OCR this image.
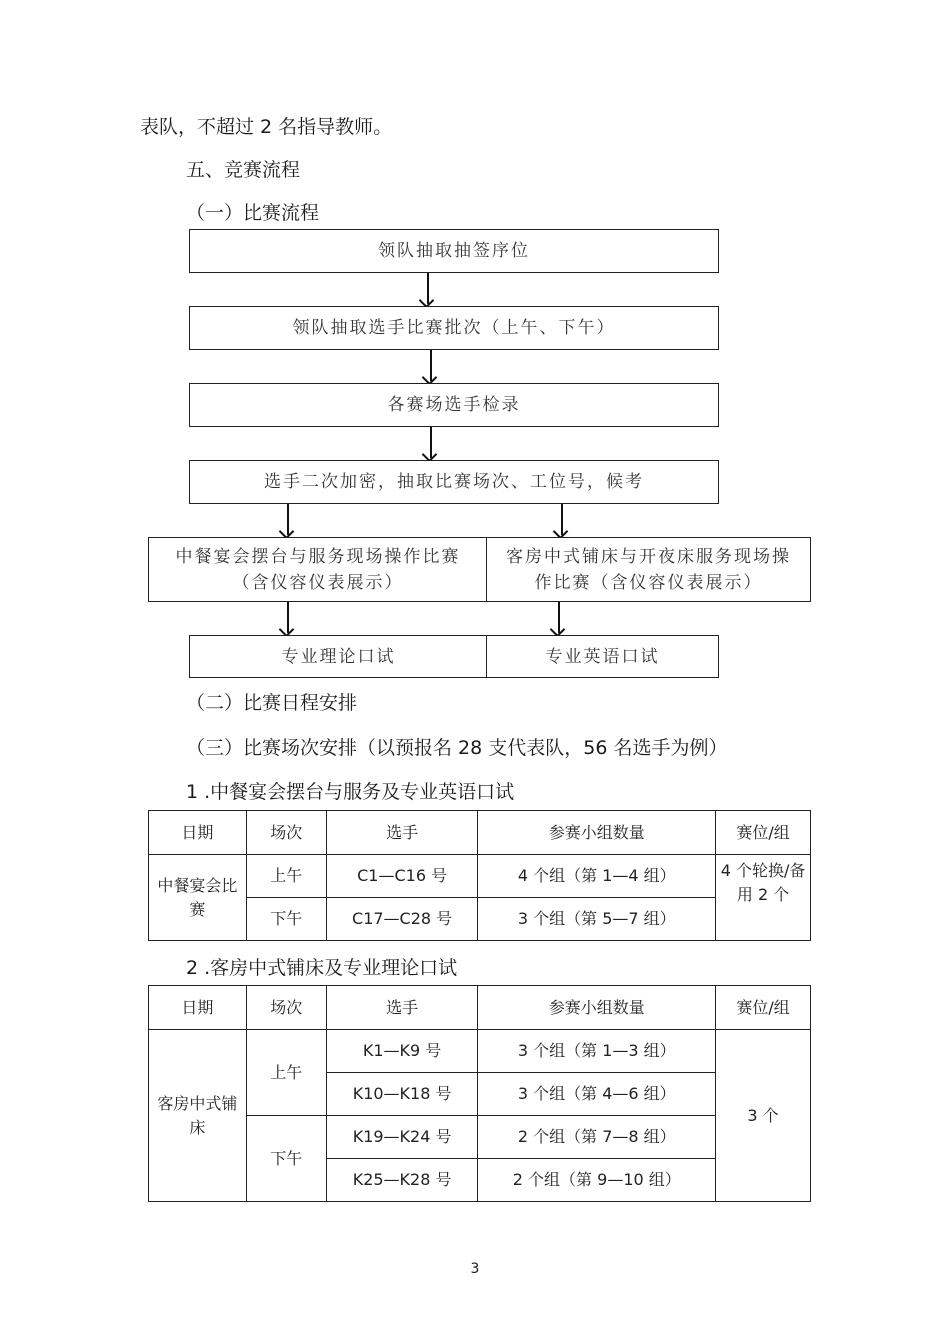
表队，不超过 2 名指导教师。
五、竞赛流程
（一）比赛流程
领队抽取抽签序位
领队抽取选手比赛批次（上午、下午）
各赛场选手检录
选手二次加密，抽取比赛场次、工位号，候考
中餐宴会摆台与服务现场操作比赛（含仪容仪表展示）
客房中式铺床与开夜床服务现场操作比赛（含仪容仪表展示）
专业理论口试	专业英语口试
（二）比赛日程安排
（三）比赛场次安排（以预报名 28 支代表队，56 名选手为例）
1 .中餐宴会摆台与服务及专业英语口试
日期	场次	选手	参赛小组数量	赛位/组
中餐宴会比赛	上午	C1—C16 号	4 个组（第 1—4 组）	4 个轮换/备用 2 个
	下午	C17—C28 号	3 个组（第 5—7 组）	
2 .客房中式铺床及专业理论口试
日期	场次	选手	参赛小组数量	赛位/组
客房中式铺床	上午	K1—K9 号	3 个组（第 1—3 组）	3 个
		K10—K18 号	3 个组（第 4—6 组）	
	下午	K19—K24 号	2 个组（第 7—8 组）	
		K25—K28 号	2 个组（第 9—10 组）	
3
